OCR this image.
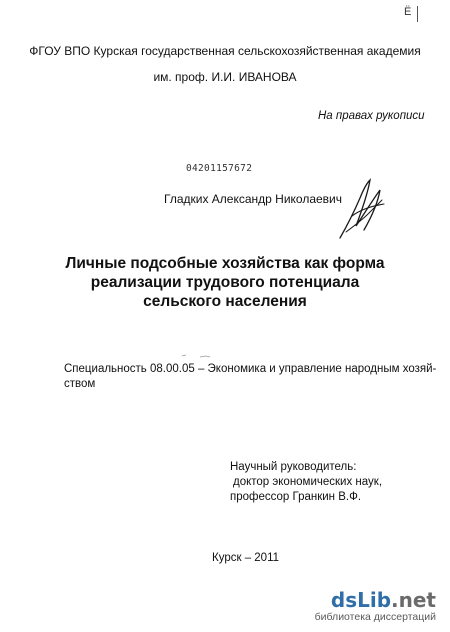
Ё
ФГОУ ВПО Курская государственная сельскохозяйственная академия
им. проф. И.И. ИВАНОВА
На правах рукописи
04201157672
Гладких Александр Николаевич
Личные подсобные хозяйства как форма
реализации трудового потенциала
сельского населения
Специальность 08.00.05 – Экономика и управление народным хозяй-
ством
Научный руководитель:
доктор экономических наук,
профессор Гранкин В.Ф.
Курск – 2011
dsLib.net
библиотека диссертаций
